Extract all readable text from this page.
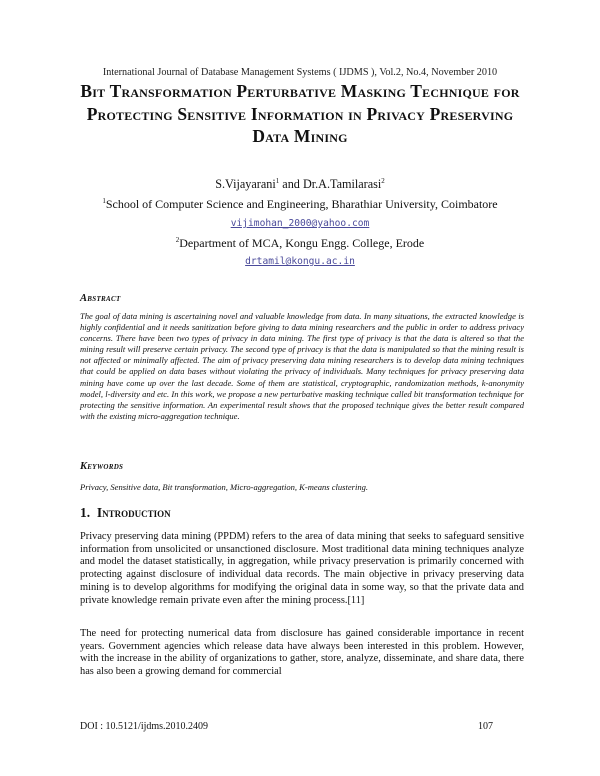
International Journal of Database Management Systems ( IJDMS ), Vol.2, No.4, November 2010
Bit Transformation Perturbative Masking Technique for Protecting Sensitive Information in Privacy Preserving Data Mining
S.Vijayarani$^1$ and Dr.A.Tamilarasi$^2$
$^1$School of Computer Science and Engineering, Bharathiar University, Coimbatore
vijimohan_2000@yahoo.com
$^2$Department of MCA, Kongu Engg. College, Erode
drtamil@kongu.ac.in
Abstract

The goal of data mining is ascertaining novel and valuable knowledge from data. In many situations, the extracted knowledge is highly confidential and it needs sanitization before giving to data mining researchers and the public in order to address privacy concerns. There have been two types of privacy in data mining. The first type of privacy is that the data is altered so that the mining result will preserve certain privacy. The second type of privacy is that the data is manipulated so that the mining result is not affected or minimally affected. The aim of privacy preserving data mining researchers is to develop data mining techniques that could be applied on data bases without violating the privacy of individuals. Many techniques for privacy preserving data mining have come up over the last decade. Some of them are statistical, cryptographic, randomization methods, k-anonymity model, l-diversity and etc. In this work, we propose a new perturbative masking technique called bit transformation technique for protecting the sensitive information. An experimental result shows that the proposed technique gives the better result compared with the existing micro-aggregation technique.

Keywords

Privacy, Sensitive data, Bit transformation, Micro-aggregation, K-means clustering.

1. Introduction

Privacy preserving data mining (PPDM) refers to the area of data mining that seeks to safeguard sensitive information from unsolicited or unsanctioned disclosure. Most traditional data mining techniques analyze and model the dataset statistically, in aggregation, while privacy preservation is primarily concerned with protecting against disclosure of individual data records. The main objective in privacy preserving data mining is to develop algorithms for modifying the original data in some way, so that the private data and private knowledge remain private even after the mining process.[11]

The need for protecting numerical data from disclosure has gained considerable importance in recent years. Government agencies which release data have always been interested in this problem. However, with the increase in the ability of organizations to gather, store, analyze, disseminate, and share data, there has also been a growing demand for commercial

DOI : 10.5121/ijdms.2010.2409	107
